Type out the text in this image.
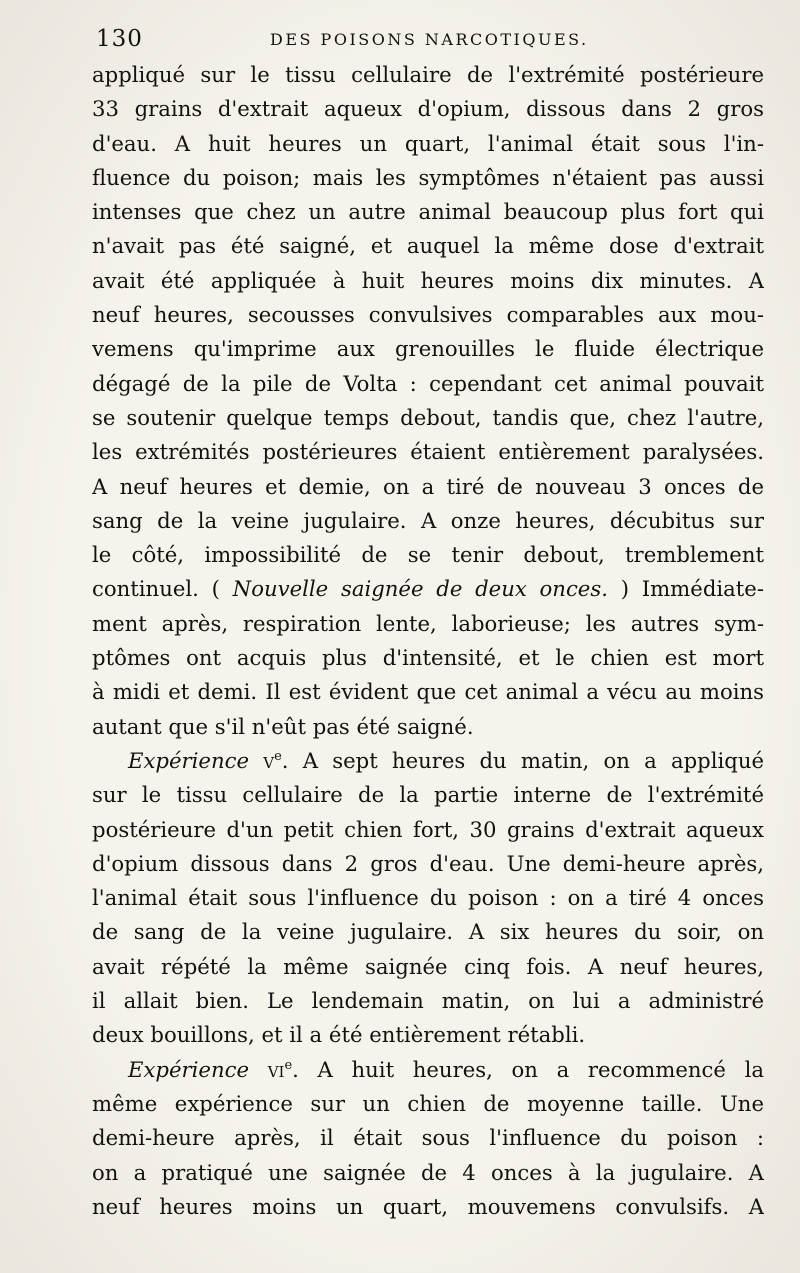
130	DES POISONS NARCOTIQUES.
appliqué sur le tissu cellulaire de l'extrémité postérieure
33 grains d'extrait aqueux d'opium, dissous dans 2 gros
d'eau. A huit heures un quart, l'animal était sous l'in-
fluence du poison; mais les symptômes n'étaient pas aussi
intenses que chez un autre animal beaucoup plus fort qui
n'avait pas été saigné, et auquel la même dose d'extrait
avait été appliquée à huit heures moins dix minutes. A
neuf heures, secousses convulsives comparables aux mou-
vemens qu'imprime aux grenouilles le fluide électrique
dégagé de la pile de Volta : cependant cet animal pouvait
se soutenir quelque temps debout, tandis que, chez l'autre,
les extrémités postérieures étaient entièrement paralysées.
A neuf heures et demie, on a tiré de nouveau 3 onces de
sang de la veine jugulaire. A onze heures, décubitus sur
le côté, impossibilité de se tenir debout, tremblement
continuel. ( Nouvelle saignée de deux onces. ) Immédiate-
ment après, respiration lente, laborieuse; les autres sym-
ptômes ont acquis plus d'intensité, et le chien est mort
à midi et demi. Il est évident que cet animal a vécu au moins
autant que s'il n'eût pas été saigné.
Expérience $v^e$. A sept heures du matin, on a appliqué
sur le tissu cellulaire de la partie interne de l'extrémité
postérieure d'un petit chien fort, 30 grains d'extrait aqueux
d'opium dissous dans 2 gros d'eau. Une demi-heure après,
l'animal était sous l'influence du poison : on a tiré 4 onces
de sang de la veine jugulaire. A six heures du soir, on
avait répété la même saignée cinq fois. A neuf heures,
il allait bien. Le lendemain matin, on lui a administré
deux bouillons, et il a été entièrement rétabli.
Expérience $vi^e$. A huit heures, on a recommencé la
même expérience sur un chien de moyenne taille. Une
demi-heure après, il était sous l'influence du poison :
on a pratiqué une saignée de 4 onces à la jugulaire. A
neuf heures moins un quart, mouvemens convulsifs. A
